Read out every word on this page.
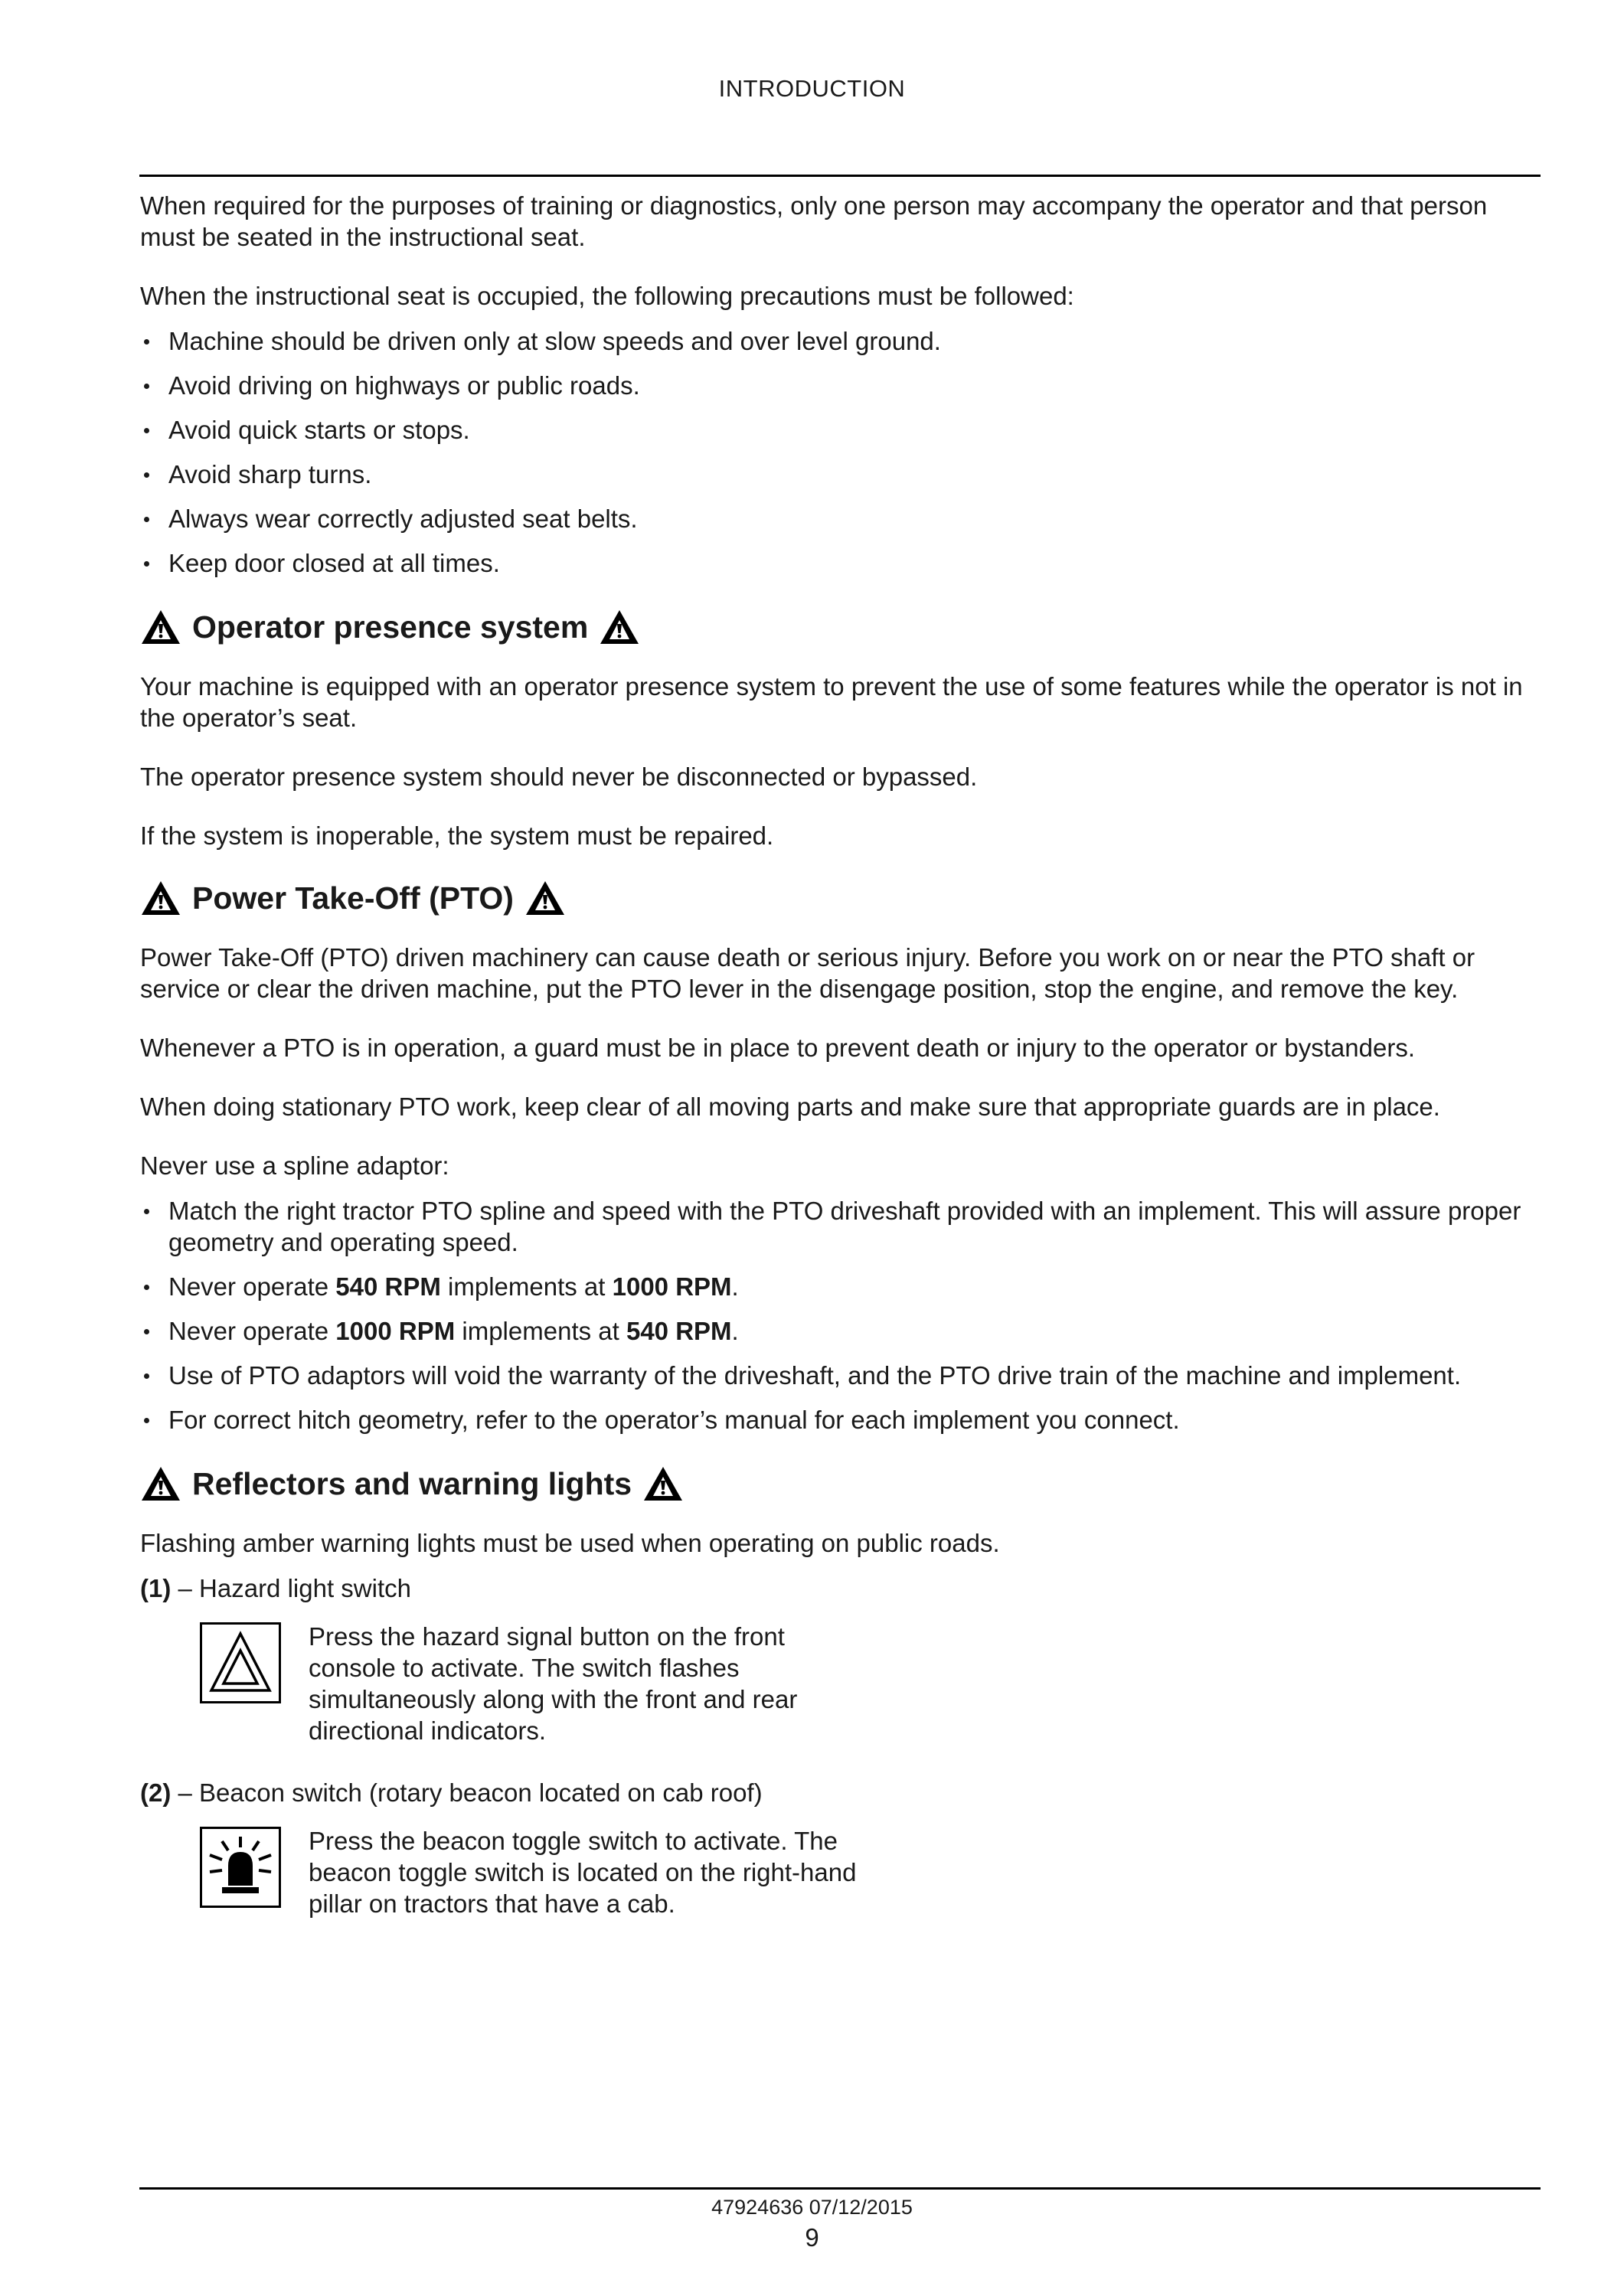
INTRODUCTION

When required for the purposes of training or diagnostics, only one person may accompany the operator and that person must be seated in the instructional seat.

When the instructional seat is occupied, the following precautions must be followed:

Machine should be driven only at slow speeds and over level ground.
Avoid driving on highways or public roads.
Avoid quick starts or stops.
Avoid sharp turns.
Always wear correctly adjusted seat belts.
Keep door closed at all times.
Operator presence system

Your machine is equipped with an operator presence system to prevent the use of some features while the operator is not in the operator’s seat.

The operator presence system should never be disconnected or bypassed.

If the system is inoperable, the system must be repaired.

Power Take-Off (PTO)

Power Take-Off (PTO) driven machinery can cause death or serious injury. Before you work on or near the PTO shaft or service or clear the driven machine, put the PTO lever in the disengage position, stop the engine, and remove the key.

Whenever a PTO is in operation, a guard must be in place to prevent death or injury to the operator or bystanders.

When doing stationary PTO work, keep clear of all moving parts and make sure that appropriate guards are in place.

Never use a spline adaptor:

Match the right tractor PTO spline and speed with the PTO driveshaft provided with an implement. This will assure proper geometry and operating speed.
Never operate 540 RPM implements at 1000 RPM.
Never operate 1000 RPM implements at 540 RPM.
Use of PTO adaptors will void the warranty of the driveshaft, and the PTO drive train of the machine and implement.
For correct hitch geometry, refer to the operator’s manual for each implement you connect.
Reflectors and warning lights

Flashing amber warning lights must be used when operating on public roads.

(1) – Hazard light switch
Press the hazard signal button on the front console to activate. The switch flashes simultaneously along with the front and rear directional indicators.
(2) – Beacon switch (rotary beacon located on cab roof)
Press the beacon toggle switch to activate. The beacon toggle switch is located on the right-hand pillar on tractors that have a cab.
47924636 07/12/2015
9
